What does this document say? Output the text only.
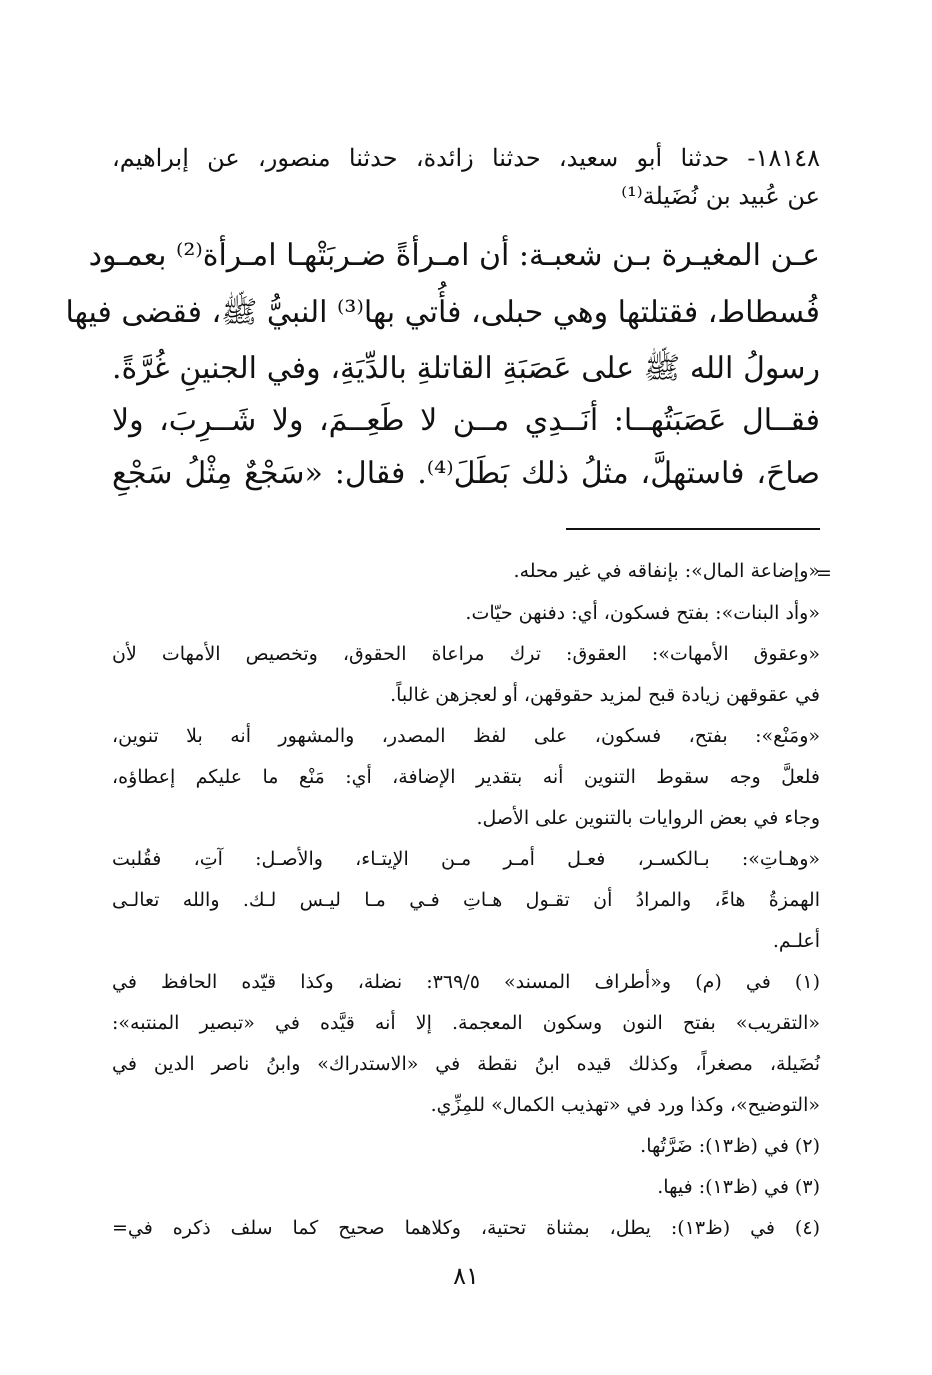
١٨١٤٨- حدثنا أبو سعيد، حدثنا زائدة، حدثنا منصور، عن إبراهيم،
عن عُبيد بن نُضَيلة⁽¹⁾
عـن المغيـرة بـن شعبـة: أن امـرأةً ضـربَتْهـا امـرأة⁽²⁾ بعمـود
فُسطاط، فقتلتها وهي حبلى، فأُتي بها⁽³⁾ النبيُّ ﷺ، فقضى فيها
رسولُ الله ﷺ على عَصَبَةِ القاتلةِ بالدِّيَةِ، وفي الجنينِ غُرَّةً.
فقــال عَصَبَتُهــا: أنَــدِي مــن لا طَعِــمَ، ولا شَــرِبَ، ولا
صاحَ، فاستهلَّ، مثلُ ذلك بَطَلَ⁽⁴⁾. فقال: «سَجْعٌ مِثْلُ سَجْعِ
=
«وإضاعة المال»: بإنفاقه في غير محله.
«وأد البنات»: بفتح فسكون، أي: دفنهن حيّات.
«وعقوق الأمهات»: العقوق: ترك مراعاة الحقوق، وتخصيص الأمهات لأن
في عقوقهن زيادة قبح لمزيد حقوقهن، أو لعجزهن غالباً.
«ومَنْع»: بفتح، فسكون، على لفظ المصدر، والمشهور أنه بلا تنوين،
فلعلَّ وجه سقوط التنوين أنه بتقدير الإضافة، أي: مَنْع ما عليكم إعطاؤه،
وجاء في بعض الروايات بالتنوين على الأصل.
«وهـاتِ»: بـالكسـر، فعـل أمـر مـن الإيتـاء، والأصـل: آتِ، فقُلبت
الهمزةُ هاءً، والمرادُ أن تقـول هـاتِ فـي مـا ليـس لـك. والله تعالـى
أعلـم.
(١) في (م) و«أطراف المسند» ٣٦٩/٥: نضلة، وكذا قيّده الحافظ في
«التقريب» بفتح النون وسكون المعجمة. إلا أنه قيَّده في «تبصير المنتبه»:
نُضَيلة، مصغراً، وكذلك قيده ابنُ نقطة في «الاستدراك» وابنُ ناصر الدين في
«التوضيح»، وكذا ورد في «تهذيب الكمال» للمِزِّي.
(٢) في (ظ١٣): ضَرَّتُها.
(٣) في (ظ١٣): فيها.
(٤) في (ظ١٣): يطل، بمثناة تحتية، وكلاهما صحيح كما سلف ذكره في=
٨١
